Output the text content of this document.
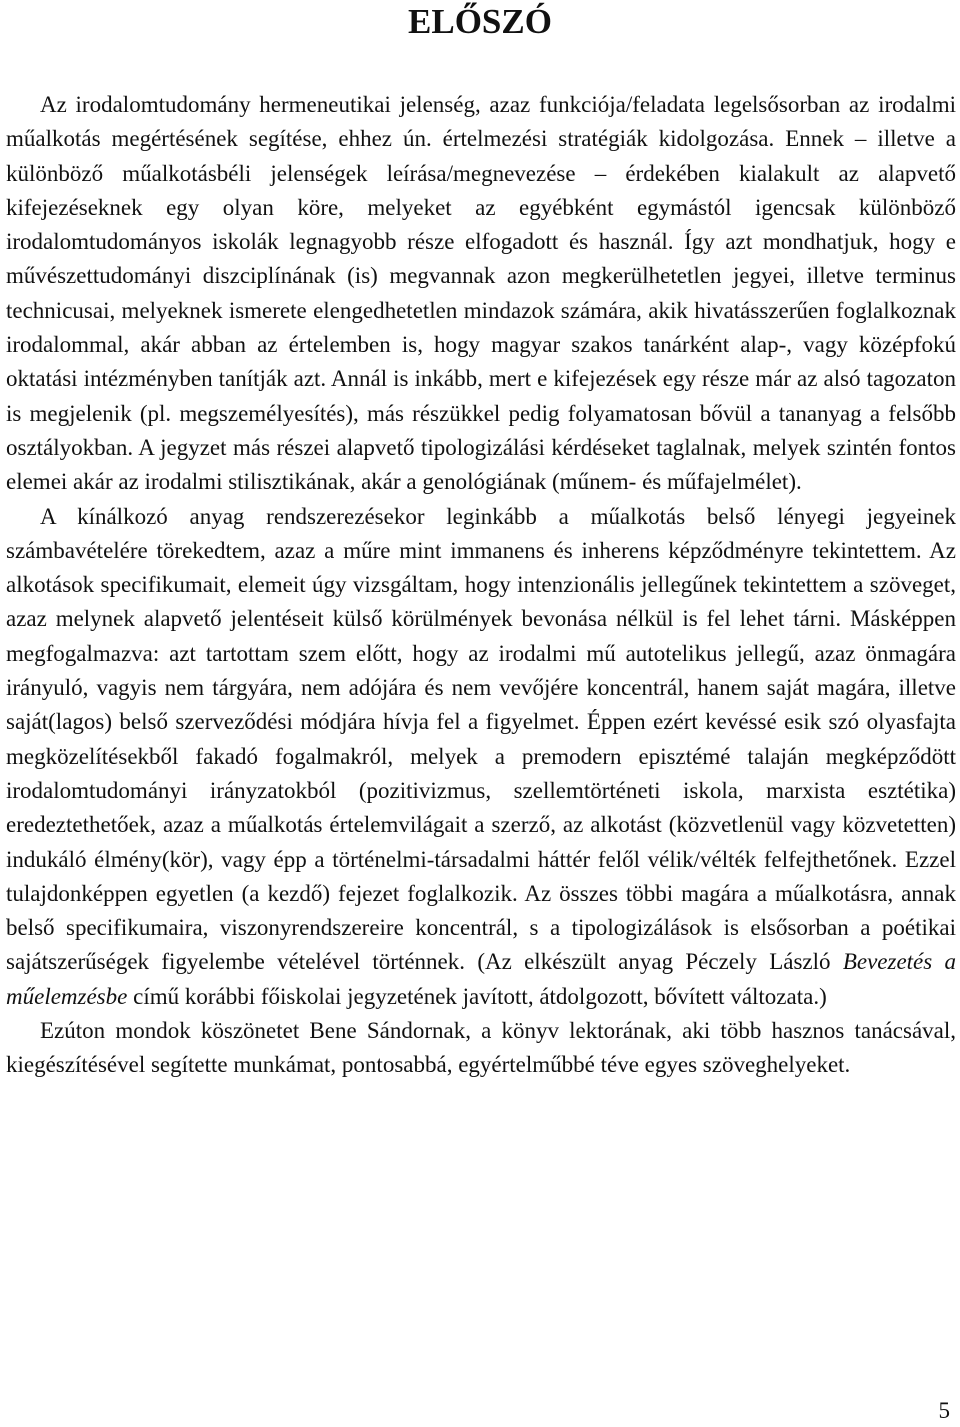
ELŐSZÓ

Az irodalomtudomány hermeneutikai jelenség, azaz funkciója/feladata legelsősorban az irodalmi műalkotás megértésének segítése, ehhez ún. értelmezési stratégiák kidolgozása. Ennek – illetve a különböző műalkotásbéli jelenségek leírása/megnevezése – érdekében kialakult az alapvető kifejezéseknek egy olyan köre, melyeket az egyébként egymástól igencsak különböző irodalomtudományos iskolák legnagyobb része elfogadott és használ. Így azt mondhatjuk, hogy e művészettudományi diszciplínának (is) megvannak azon megkerülhetetlen jegyei, illetve terminus technicusai, melyeknek ismerete elengedhetetlen mindazok számára, akik hivatásszerűen foglalkoznak irodalommal, akár abban az értelemben is, hogy magyar szakos tanárként alap-, vagy középfokú oktatási intézményben tanítják azt. Annál is inkább, mert e kifejezések egy része már az alsó tagozaton is megjelenik (pl. megszemélyesítés), más részükkel pedig folyamatosan bővül a tananyag a felsőbb osztályokban. A jegyzet más részei alapvető tipologizálási kérdéseket taglalnak, melyek szintén fontos elemei akár az irodalmi stilisztikának, akár a genológiának (műnem- és műfajelmélet).

A kínálkozó anyag rendszerezésekor leginkább a műalkotás belső lényegi jegyeinek számbavételére törekedtem, azaz a műre mint immanens és inherens képződményre tekintettem. Az alkotások specifikumait, elemeit úgy vizsgáltam, hogy intenzionális jellegűnek tekintettem a szöveget, azaz melynek alapvető jelentéseit külső körülmények bevonása nélkül is fel lehet tárni. Másképpen megfogalmazva: azt tartottam szem előtt, hogy az irodalmi mű autotelikus jellegű, azaz önmagára irányuló, vagyis nem tárgyára, nem adójára és nem vevőjére koncentrál, hanem saját magára, illetve saját(lagos) belső szerveződési módjára hívja fel a figyelmet. Éppen ezért kevéssé esik szó olyasfajta megközelítésekből fakadó fogalmakról, melyek a premodern episztémé talaján megképződött irodalomtudományi irányzatokból (pozitivizmus, szellemtörténeti iskola, marxista esztétika) eredeztethetőek, azaz a műalkotás értelemvilágait a szerző, az alkotást (közvetlenül vagy közvetetten) indukáló élmény(kör), vagy épp a történelmi-társadalmi háttér felől vélik/vélték felfejthetőnek. Ezzel tulajdonképpen egyetlen (a kezdő) fejezet foglalkozik. Az összes többi magára a műalkotásra, annak belső specifikumaira, viszonyrendszereire koncentrál, s a tipologizálások is elsősorban a poétikai sajátszerűségek figyelembe vételével történnek. (Az elkészült anyag Péczely László Bevezetés a műelemzésbe című korábbi főiskolai jegyzetének javított, átdolgozott, bővített változata.)

Ezúton mondok köszönetet Bene Sándornak, a könyv lektorának, aki több hasznos tanácsával, kiegészítésével segítette munkámat, pontosabbá, egyértelműbbé téve egyes szöveghelyeket.

5
